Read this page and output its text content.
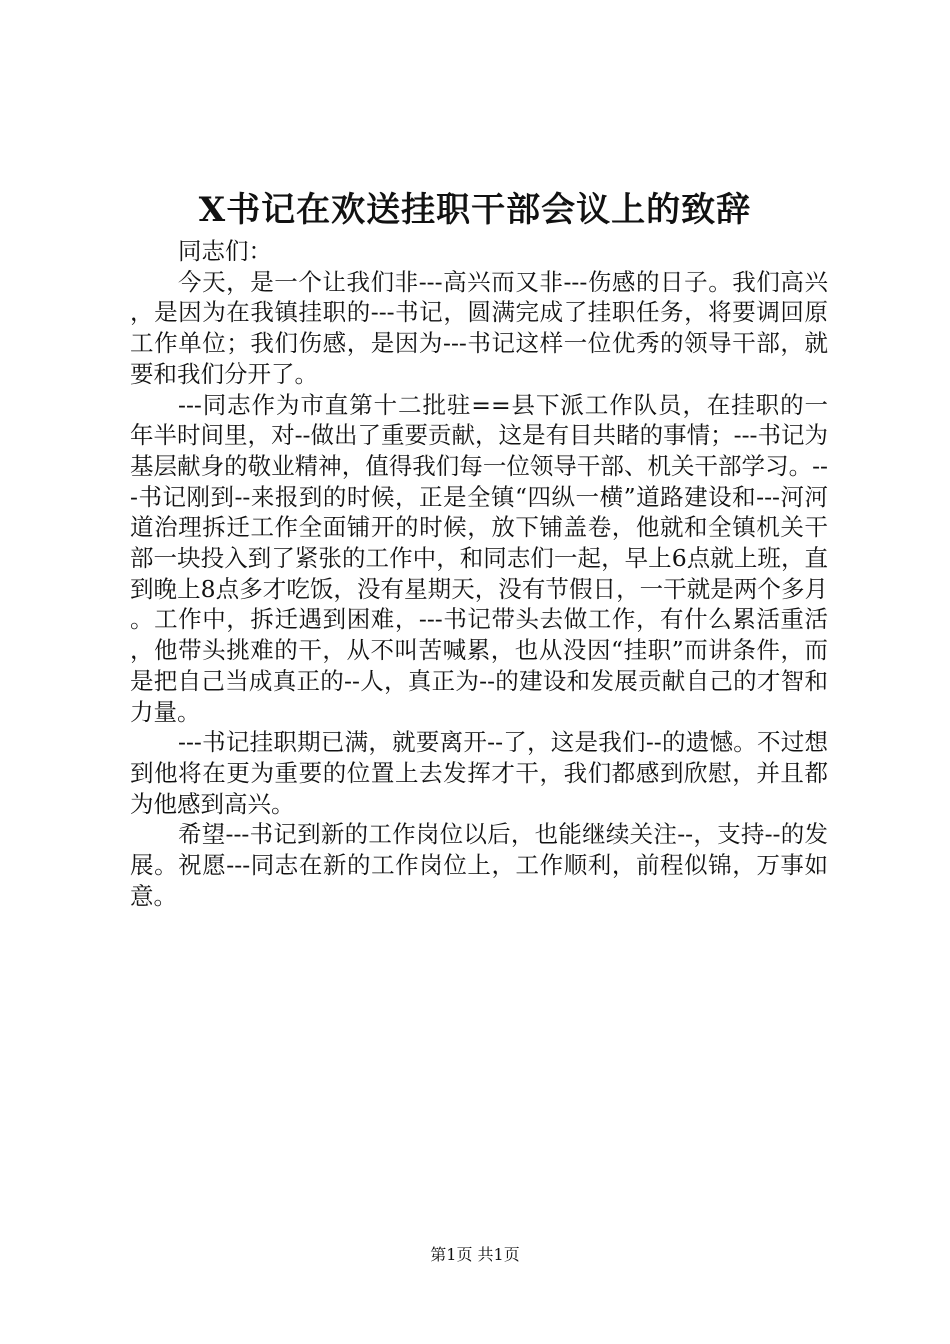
X书记在欢送挂职干部会议上的致辞

同志们：

今天，是一个让我们非---高兴而又非---伤感的日子。我们高兴，是因为在我镇挂职的---书记，圆满完成了挂职任务，将要调回原工作单位；我们伤感，是因为---书记这样一位优秀的领导干部，就要和我们分开了。

---同志作为市直第十二批驻==县下派工作队员，在挂职的一年半时间里，对--做出了重要贡献，这是有目共睹的事情；---书记为基层献身的敬业精神，值得我们每一位领导干部、机关干部学习。---书记刚到--来报到的时候，正是全镇“四纵一横”道路建设和---河河道治理拆迁工作全面铺开的时候，放下铺盖卷，他就和全镇机关干部一块投入到了紧张的工作中，和同志们一起，早上6点就上班，直到晚上8点多才吃饭，没有星期天，没有节假日，一干就是两个多月。工作中，拆迁遇到困难，---书记带头去做工作，有什么累活重活，他带头挑难的干，从不叫苦喊累，也从没因“挂职”而讲条件，而是把自己当成真正的--人，真正为--的建设和发展贡献自己的才智和力量。

---书记挂职期已满，就要离开--了，这是我们--的遗憾。不过想到他将在更为重要的位置上去发挥才干，我们都感到欣慰，并且都为他感到高兴。

希望---书记到新的工作岗位以后，也能继续关注--，支持--的发展。祝愿---同志在新的工作岗位上，工作顺利，前程似锦，万事如意。

第1页 共1页
